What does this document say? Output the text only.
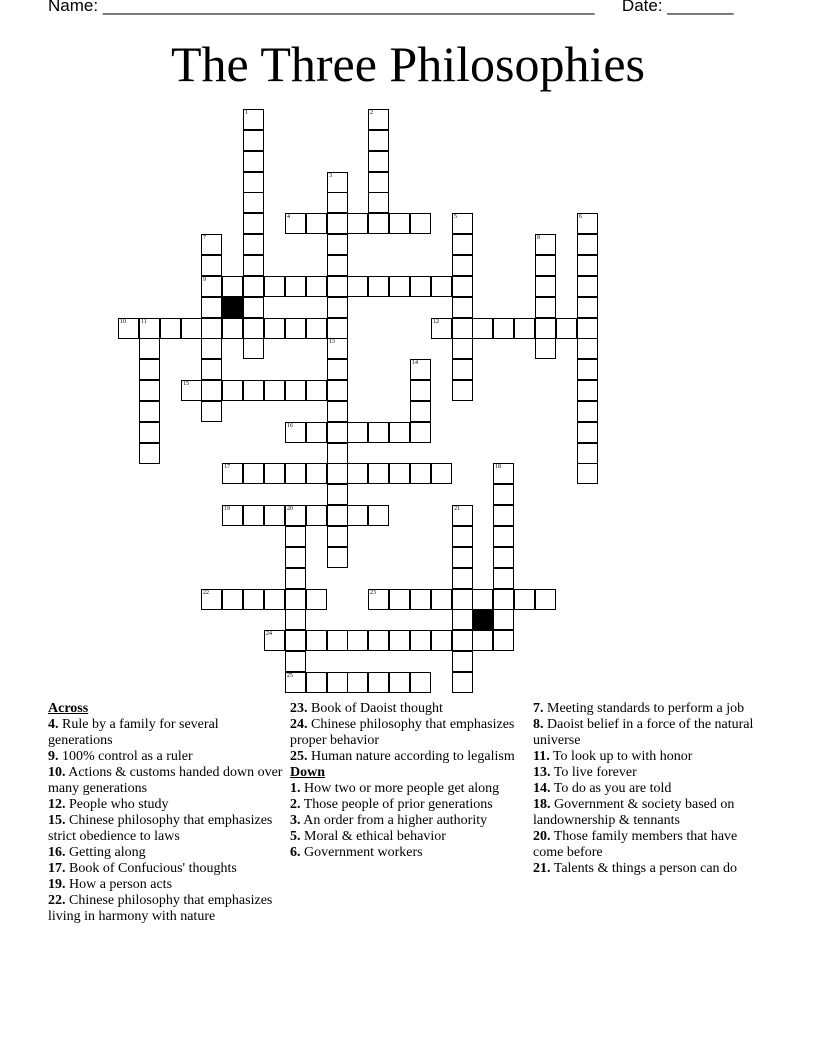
Name: ____________________________________________________ Date: _______
The Three Philosophies
1	2
3
13
4	5	6
7
9
8
10	11	12
14
15
16
17	18
19	20
25
21
22	23
24
Across
4. Rule by a family for several generations
9. 100% control as a ruler
10. Actions & customs handed down over many generations
12. People who study
15. Chinese philosophy that emphasizes strict obedience to laws
16. Getting along
17. Book of Confucious' thoughts
19. How a person acts
22. Chinese philosophy that emphasizes living in harmony with nature
23. Book of Daoist thought
24. Chinese philosophy that emphasizes proper behavior
25. Human nature according to legalism
Down
1. How two or more people get along
2. Those people of prior generations
3. An order from a higher authority
5. Moral & ethical behavior
6. Government workers
7. Meeting standards to perform a job
8. Daoist belief in a force of the natural universe
11. To look up to with honor
13. To live forever
14. To do as you are told
18. Government & society based on landownership & tennants
20. Those family members that have come before
21. Talents & things a person can do
